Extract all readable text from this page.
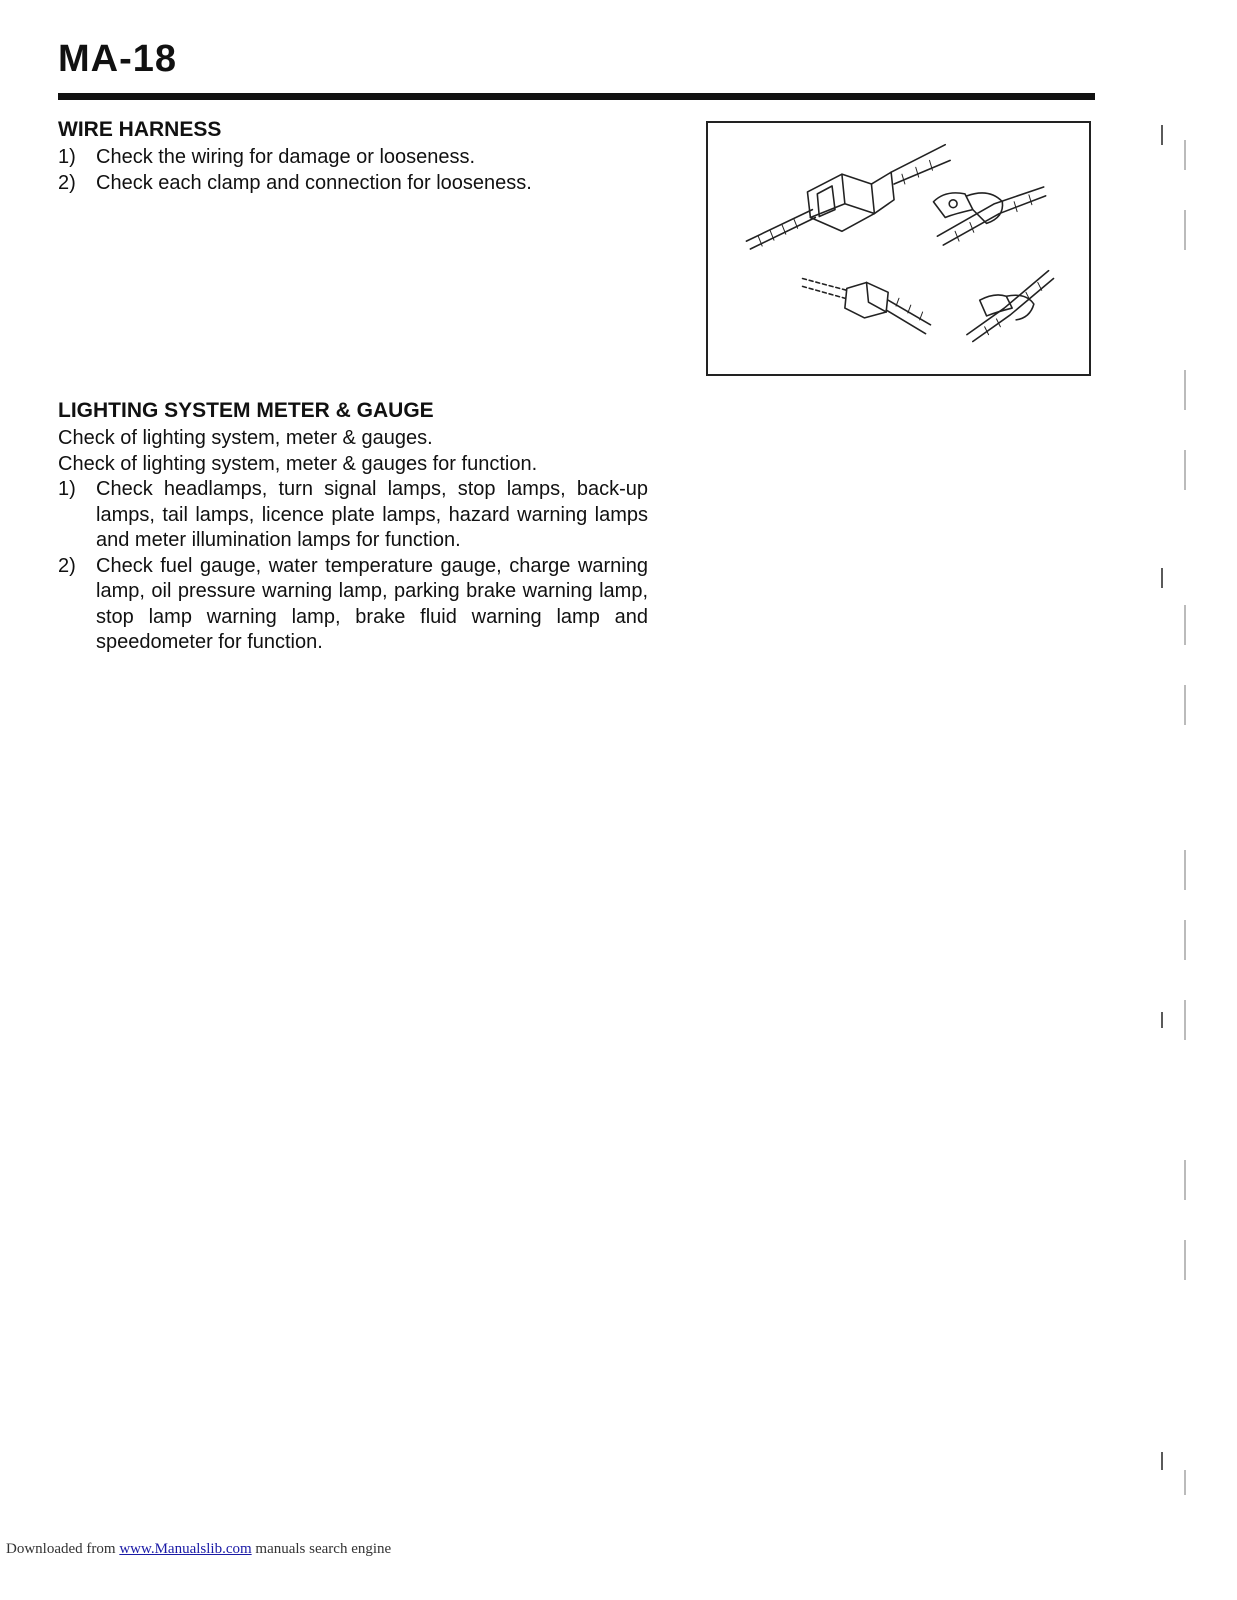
MA-18
WIRE HARNESS
1) Check the wiring for damage or looseness.
2) Check each clamp and connection for looseness.
LIGHTING SYSTEM METER & GAUGE

Check of lighting system, meter & gauges.

Check of lighting system, meter & gauges for function.

1) Check headlamps, turn signal lamps, stop lamps, back-up lamps, tail lamps, licence plate lamps, hazard warning lamps and meter illumination lamps for function.
2) Check fuel gauge, water temperature gauge, charge warning lamp, oil pressure warning lamp, parking brake warning lamp, stop lamp warning lamp, brake fluid warning lamp and speedometer for function.
Downloaded from www.Manualslib.com manuals search engine
